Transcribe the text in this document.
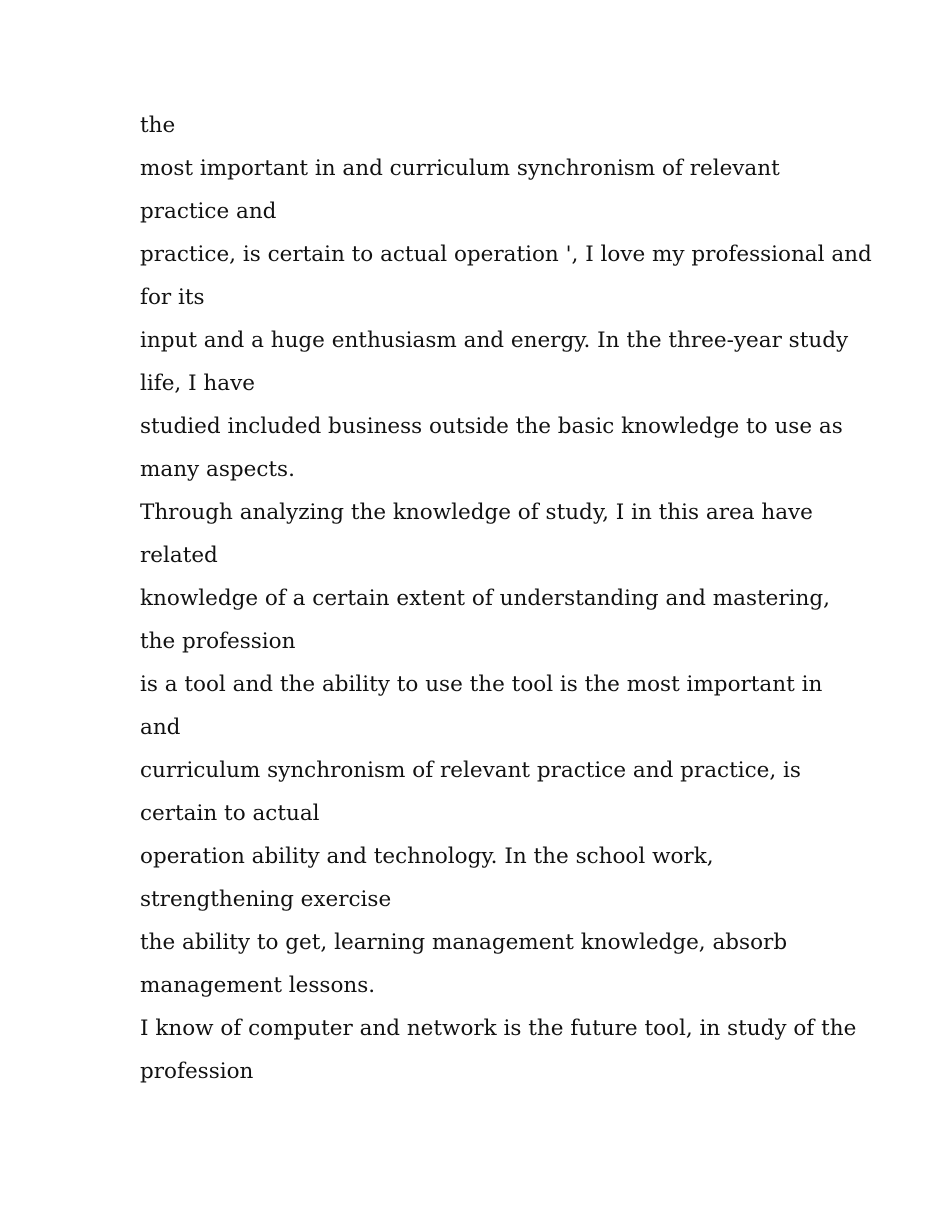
the
most important in and curriculum synchronism of relevant
practice and
practice, is certain to actual operation ', I love my professional and
for its
input and a huge enthusiasm and energy. In the three-year study
life, I have
studied included business outside the basic knowledge to use as
many aspects.
Through analyzing the knowledge of study, I in this area have
related
knowledge of a certain extent of understanding and mastering,
the profession
is a tool and the ability to use the tool is the most important in
and
curriculum synchronism of relevant practice and practice, is
certain to actual
operation ability and technology. In the school work,
strengthening exercise
the ability to get, learning management knowledge, absorb
management lessons.
I know of computer and network is the future tool, in study of the
profession
